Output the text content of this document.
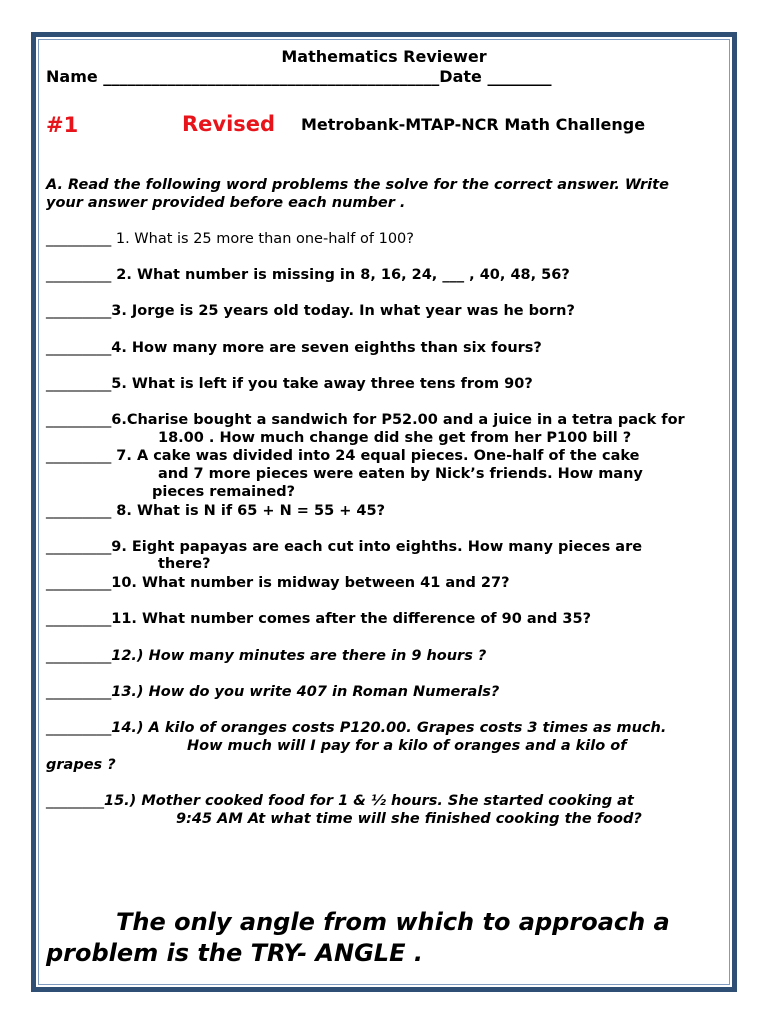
Mathematics Reviewer
Name __________________________________________Date ________
#1	Revised Metrobank-MTAP-NCR Math Challenge
A. Read the following word problems the solve for the correct answer. Write
your answer provided before each number .
_________ 1. What is 25 more than one-half of 100?
_________ 2. What number is missing in 8, 16, 24, ___ , 40, 48, 56?
_________3. Jorge is 25 years old today. In what year was he born?
_________4. How many more are seven eighths than six fours?
_________5. What is left if you take away three tens from 90?
_________6.Charise bought a sandwich for P52.00 and a juice in a tetra pack for
18.00 . How much change did she get from her P100 bill ?
_________ 7. A cake was divided into 24 equal pieces. One-half of the cake
and 7 more pieces were eaten by Nick’s friends. How many
pieces remained?
_________ 8. What is N if 65 + N = 55 + 45?
_________9. Eight papayas are each cut into eighths. How many pieces are
there?
_________10. What number is midway between 41 and 27?
_________11. What number comes after the difference of 90 and 35?
_________12.) How many minutes are there in 9 hours ?
_________13.) How do you write 407 in Roman Numerals?
_________14.) A kilo of oranges costs P120.00. Grapes costs 3 times as much.
How much will I pay for a kilo of oranges and a kilo of
grapes ?
________15.) Mother cooked food for 1 & ½ hours. She started cooking at
9:45 AM At what time will she finished cooking the food?
The only angle from which to approach a
problem is the TRY- ANGLE .
